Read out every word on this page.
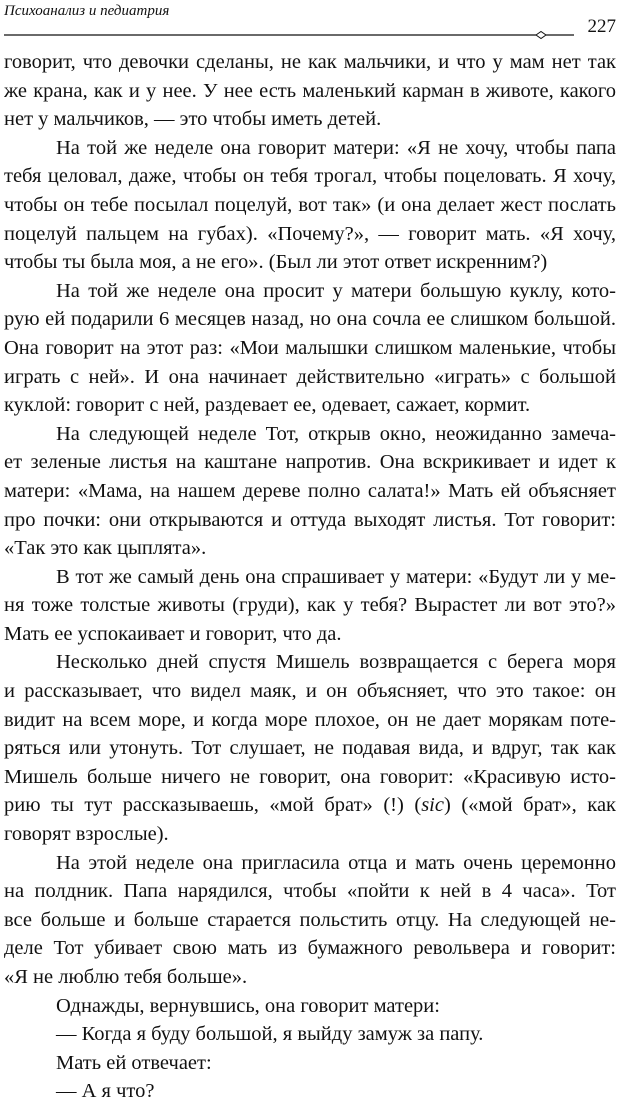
Психоанализ и педиатрия
227
говорит, что девочки сделаны, не как мальчики, и что у мам нет так
же крана, как и у нее. У нее есть маленький карман в животе, какого
нет у мальчиков, — это чтобы иметь детей.
На той же неделе она говорит матери: «Я не хочу, чтобы папа
тебя целовал, даже, чтобы он тебя трогал, чтобы поцеловать. Я хочу,
чтобы он тебе посылал поцелуй, вот так» (и она делает жест послать
поцелуй пальцем на губах). «Почему?», — говорит мать. «Я хочу,
чтобы ты была моя, а не его». (Был ли этот ответ искренним?)
На той же неделе она просит у матери большую куклу, кото-
рую ей подарили 6 месяцев назад, но она сочла ее слишком большой.
Она говорит на этот раз: «Мои малышки слишком маленькие, чтобы
играть с ней». И она начинает действительно «играть» с большой
куклой: говорит с ней, раздевает ее, одевает, сажает, кормит.
На следующей неделе Тот, открыв окно, неожиданно замеча-
ет зеленые листья на каштане напротив. Она вскрикивает и идет к
матери: «Мама, на нашем дереве полно салата!» Мать ей объясняет
про почки: они открываются и оттуда выходят листья. Тот говорит:
«Так это как цыплята».
В тот же самый день она спрашивает у матери: «Будут ли у ме-
ня тоже толстые животы (груди), как у тебя? Вырастет ли вот это?»
Мать ее успокаивает и говорит, что да.
Несколько дней спустя Мишель возвращается с берега моря
и рассказывает, что видел маяк, и он объясняет, что это такое: он
видит на всем море, и когда море плохое, он не дает морякам поте-
ряться или утонуть. Тот слушает, не подавая вида, и вдруг, так как
Мишель больше ничего не говорит, она говорит: «Красивую исто-
рию ты тут рассказываешь, «мой брат» (!) (sic) («мой брат», как
говорят взрослые).
На этой неделе она пригласила отца и мать очень церемонно
на полдник. Папа нарядился, чтобы «пойти к ней в 4 часа». Тот
все больше и больше старается польстить отцу. На следующей не-
деле Тот убивает свою мать из бумажного револьвера и говорит:
«Я не люблю тебя больше».
Однажды, вернувшись, она говорит матери:
— Когда я буду большой, я выйду замуж за папу.
Мать ей отвечает:
— А я что?
